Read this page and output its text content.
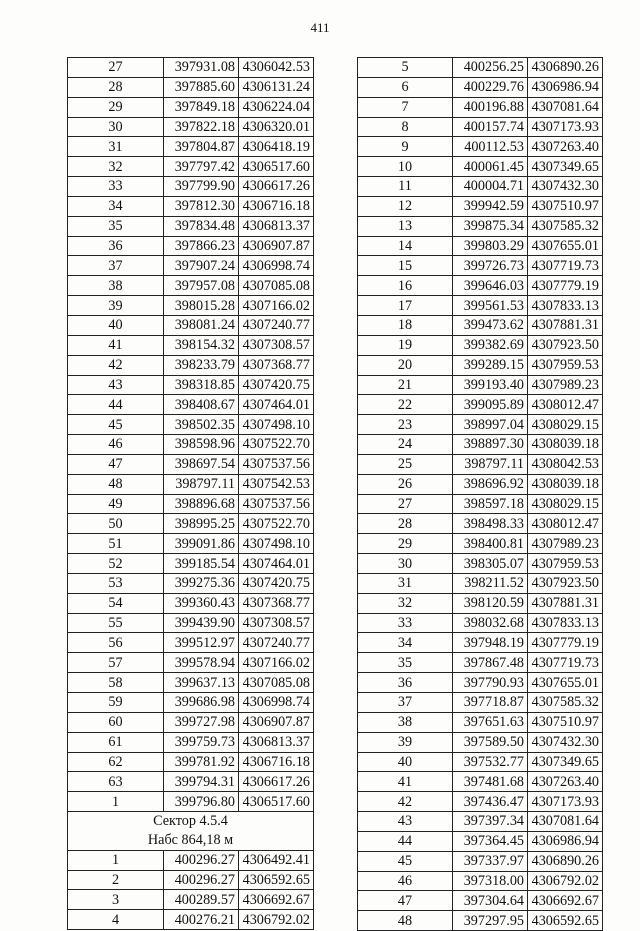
411
27	397931.08	4306042.53
28	397885.60	4306131.24
29	397849.18	4306224.04
30	397822.18	4306320.01
31	397804.87	4306418.19
32	397797.42	4306517.60
33	397799.90	4306617.26
34	397812.30	4306716.18
35	397834.48	4306813.37
36	397866.23	4306907.87
37	397907.24	4306998.74
38	397957.08	4307085.08
39	398015.28	4307166.02
40	398081.24	4307240.77
41	398154.32	4307308.57
42	398233.79	4307368.77
43	398318.85	4307420.75
44	398408.67	4307464.01
45	398502.35	4307498.10
46	398598.96	4307522.70
47	398697.54	4307537.56
48	398797.11	4307542.53
49	398896.68	4307537.56
50	398995.25	4307522.70
51	399091.86	4307498.10
52	399185.54	4307464.01
53	399275.36	4307420.75
54	399360.43	4307368.77
55	399439.90	4307308.57
56	399512.97	4307240.77
57	399578.94	4307166.02
58	399637.13	4307085.08
59	399686.98	4306998.74
60	399727.98	4306907.87
61	399759.73	4306813.37
62	399781.92	4306716.18
63	399794.31	4306617.26
1	399796.80	4306517.60
Сектор 4.5.4		
Набс 864,18 м		
1	400296.27	4306492.41
2	400296.27	4306592.65
3	400289.57	4306692.67
4	400276.21	4306792.02
5	400256.25	4306890.26
6	400229.76	4306986.94
7	400196.88	4307081.64
8	400157.74	4307173.93
9	400112.53	4307263.40
10	400061.45	4307349.65
11	400004.71	4307432.30
12	399942.59	4307510.97
13	399875.34	4307585.32
14	399803.29	4307655.01
15	399726.73	4307719.73
16	399646.03	4307779.19
17	399561.53	4307833.13
18	399473.62	4307881.31
19	399382.69	4307923.50
20	399289.15	4307959.53
21	399193.40	4307989.23
22	399095.89	4308012.47
23	398997.04	4308029.15
24	398897.30	4308039.18
25	398797.11	4308042.53
26	398696.92	4308039.18
27	398597.18	4308029.15
28	398498.33	4308012.47
29	398400.81	4307989.23
30	398305.07	4307959.53
31	398211.52	4307923.50
32	398120.59	4307881.31
33	398032.68	4307833.13
34	397948.19	4307779.19
35	397867.48	4307719.73
36	397790.93	4307655.01
37	397718.87	4307585.32
38	397651.63	4307510.97
39	397589.50	4307432.30
40	397532.77	4307349.65
41	397481.68	4307263.40
42	397436.47	4307173.93
43	397397.34	4307081.64
44	397364.45	4306986.94
45	397337.97	4306890.26
46	397318.00	4306792.02
47	397304.64	4306692.67
48	397297.95	4306592.65
